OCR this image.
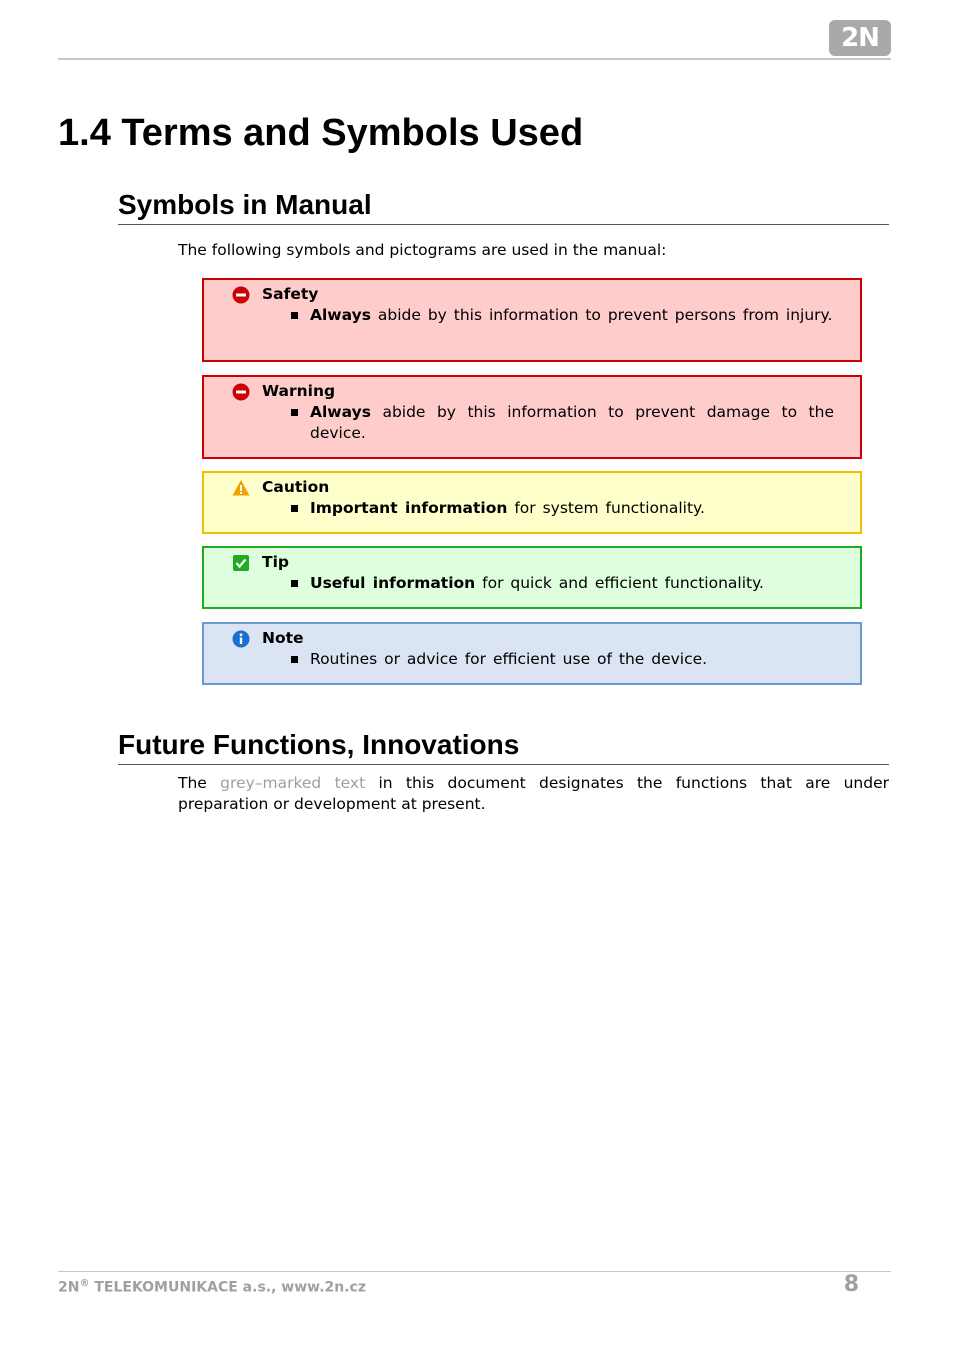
2N
1.4 Terms and Symbols Used
Symbols in Manual

The following symbols and pictograms are used in the manual:

Safety
Always abide by this information to prevent persons from injury.
Warning
Always abide by this information to prevent damage to the device.
Caution
Important information for system functionality.
Tip
Useful information for quick and efficient functionality.
Note
Routines or advice for efficient use of the device.
Future Functions, Innovations

The grey–marked text in this document designates the functions that are under preparation or development at present.

2N® TELEKOMUNIKACE a.s., www.2n.cz	8
